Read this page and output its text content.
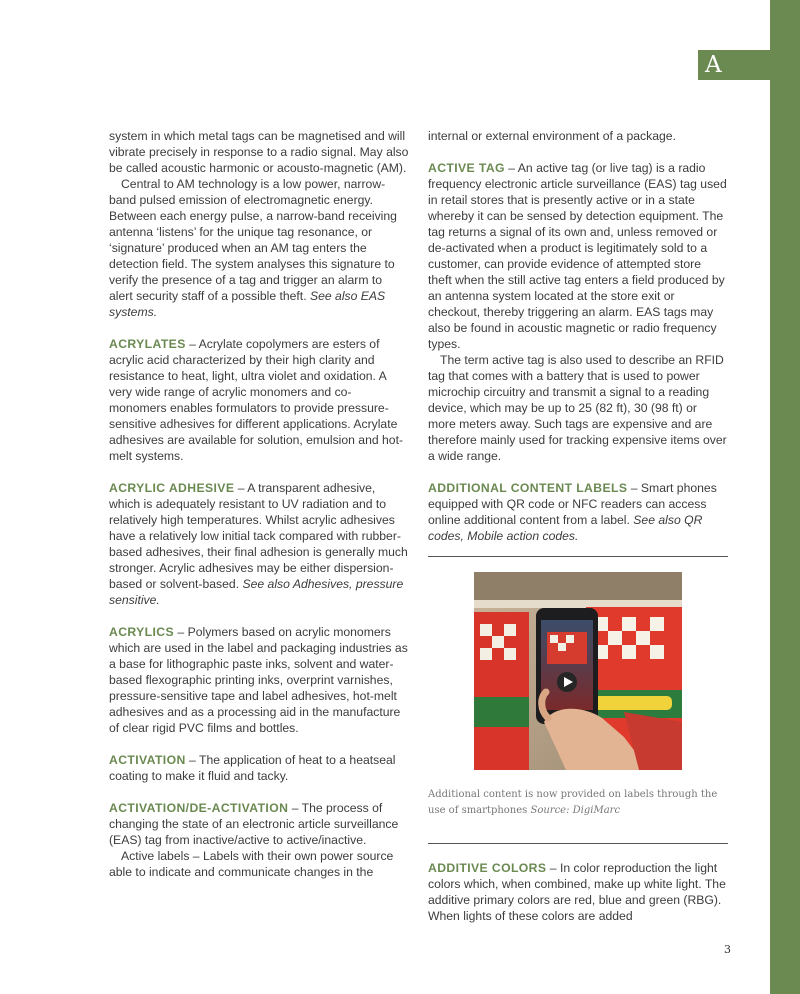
A

system in which metal tags can be magnetised and will vibrate precisely in response to a radio signal. May also be called acoustic harmonic or acousto-magnetic (AM).

Central to AM technology is a low power, narrow-band pulsed emission of electromagnetic energy. Between each energy pulse, a narrow-band receiving antenna ‘listens’ for the unique tag resonance, or ‘signature’ produced when an AM tag enters the detection field. The system analyses this signature to verify the presence of a tag and trigger an alarm to alert security staff of a possible theft. See also EAS systems.

ACRYLATES – Acrylate copolymers are esters of acrylic acid characterized by their high clarity and resistance to heat, light, ultra violet and oxidation. A very wide range of acrylic monomers and co-monomers enables formulators to provide pressure-sensitive adhesives for different applications. Acrylate adhesives are available for solution, emulsion and hot-melt systems.

ACRYLIC ADHESIVE – A transparent adhesive, which is adequately resistant to UV radiation and to relatively high temperatures. Whilst acrylic adhesives have a relatively low initial tack compared with rubber-based adhesives, their final adhesion is generally much stronger. Acrylic adhesives may be either dispersion-based or solvent-based. See also Adhesives, pressure sensitive.

ACRYLICS – Polymers based on acrylic monomers which are used in the label and packaging industries as a base for lithographic paste inks, solvent and water-based flexographic printing inks, overprint varnishes, pressure-sensitive tape and label adhesives, hot-melt adhesives and as a processing aid in the manufacture of clear rigid PVC films and bottles.

ACTIVATION – The application of heat to a heatseal coating to make it fluid and tacky.

ACTIVATION/DE-ACTIVATION – The process of changing the state of an electronic article surveillance (EAS) tag from inactive/active to active/inactive.

Active labels – Labels with their own power source able to indicate and communicate changes in the

internal or external environment of a package.

ACTIVE TAG – An active tag (or live tag) is a radio frequency electronic article surveillance (EAS) tag used in retail stores that is presently active or in a state whereby it can be sensed by detection equipment. The tag returns a signal of its own and, unless removed or de-activated when a product is legitimately sold to a customer, can provide evidence of attempted store theft when the still active tag enters a field produced by an antenna system located at the store exit or checkout, thereby triggering an alarm. EAS tags may also be found in acoustic magnetic or radio frequency types.

The term active tag is also used to describe an RFID tag that comes with a battery that is used to power microchip circuitry and transmit a signal to a reading device, which may be up to 25 (82 ft), 30 (98 ft) or more meters away. Such tags are expensive and are therefore mainly used for tracking expensive items over a wide range.

ADDITIONAL CONTENT LABELS – Smart phones equipped with QR code or NFC readers can access online additional content from a label. See also QR codes, Mobile action codes.

Additional content is now provided on labels through the use of smartphones Source: DigiMarc

ADDITIVE COLORS – In color reproduction the light colors which, when combined, make up white light. The additive primary colors are red, blue and green (RBG). When lights of these colors are added

3
